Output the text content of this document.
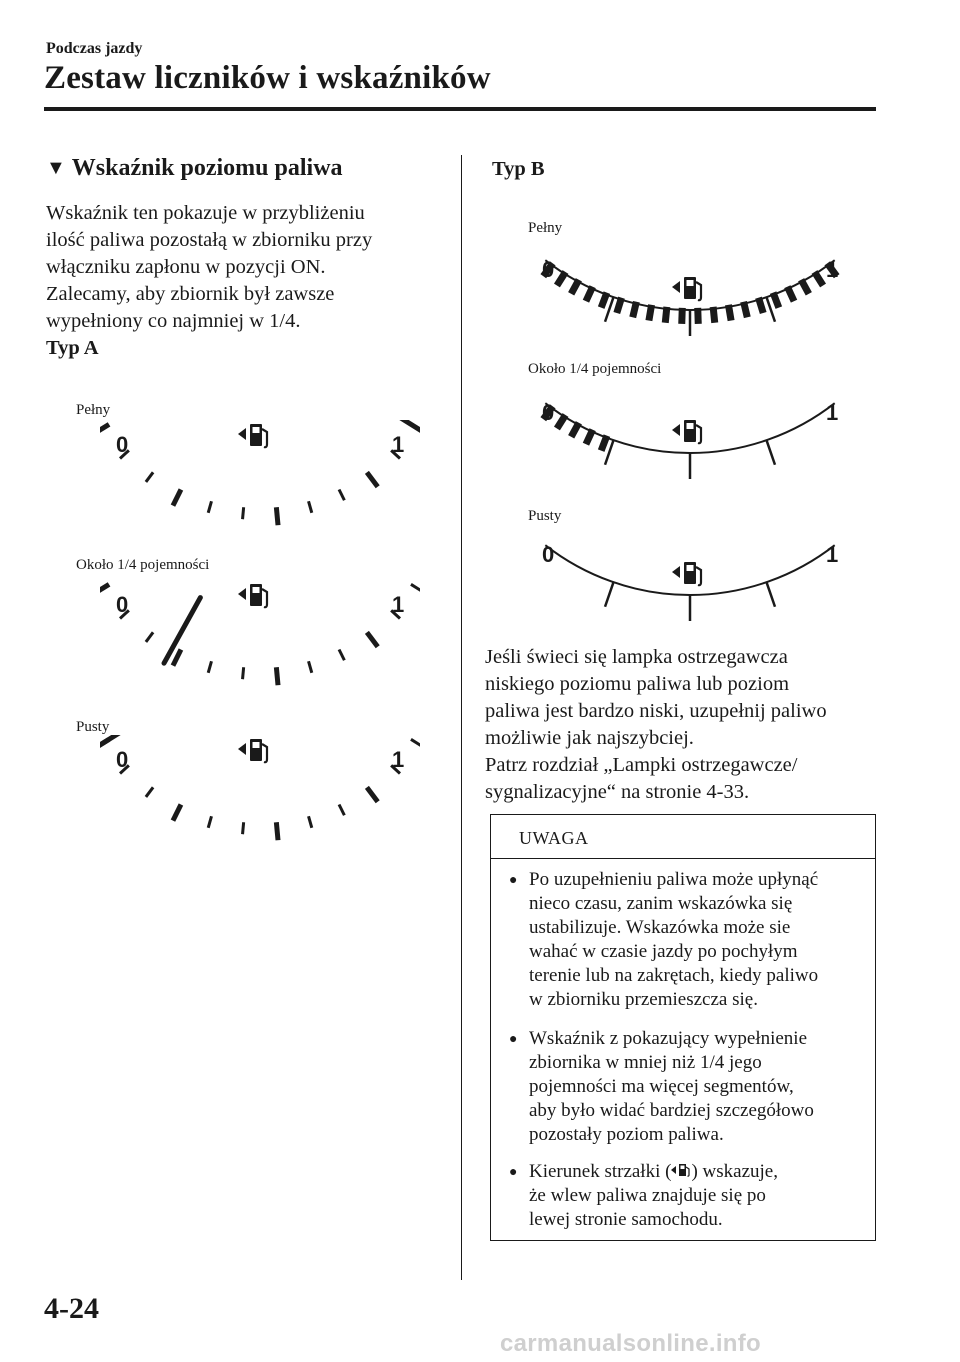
Podczas jazdy
Zestaw liczników i wskaźników
▼ Wskaźnik poziomu paliwa
Wskaźnik ten pokazuje w przybliżeniu
ilość paliwa pozostałą w zbiorniku przy
włączniku zapłonu w pozycji ON.
Zalecamy, aby zbiornik był zawsze
wypełniony co najmniej w 1/4.
Typ A
Pełny
Około 1/4 pojemności
Pusty
0	1
0	1
0	1
Typ B
Pełny
Około 1/4 pojemności
Pusty
0	1
0	1
0	1
Jeśli świeci się lampka ostrzegawcza
niskiego poziomu paliwa lub poziom
paliwa jest bardzo niski, uzupełnij paliwo
możliwie jak najszybciej.
Patrz rozdział „Lampki ostrzegawcze/
sygnalizacyjne“ na stronie 4-33.
UWAGA
● Po uzupełnieniu paliwa może upłynąć
nieco czasu, zanim wskazówka się
ustabilizuje. Wskazówka może sie
wahać w czasie jazdy po pochyłym
terenie lub na zakrętach, kiedy paliwo
w zbiorniku przemieszcza się.
● Wskaźnik z pokazujący wypełnienie
zbiornika w mniej niż 1/4 jego
pojemności ma więcej segmentów,
aby było widać bardziej szczegółowo
pozostały poziom paliwa.
● Kierunek strzałki ( ) wskazuje,
że wlew paliwa znajduje się po
lewej stronie samochodu.
4-24
carmanualsonline.info
